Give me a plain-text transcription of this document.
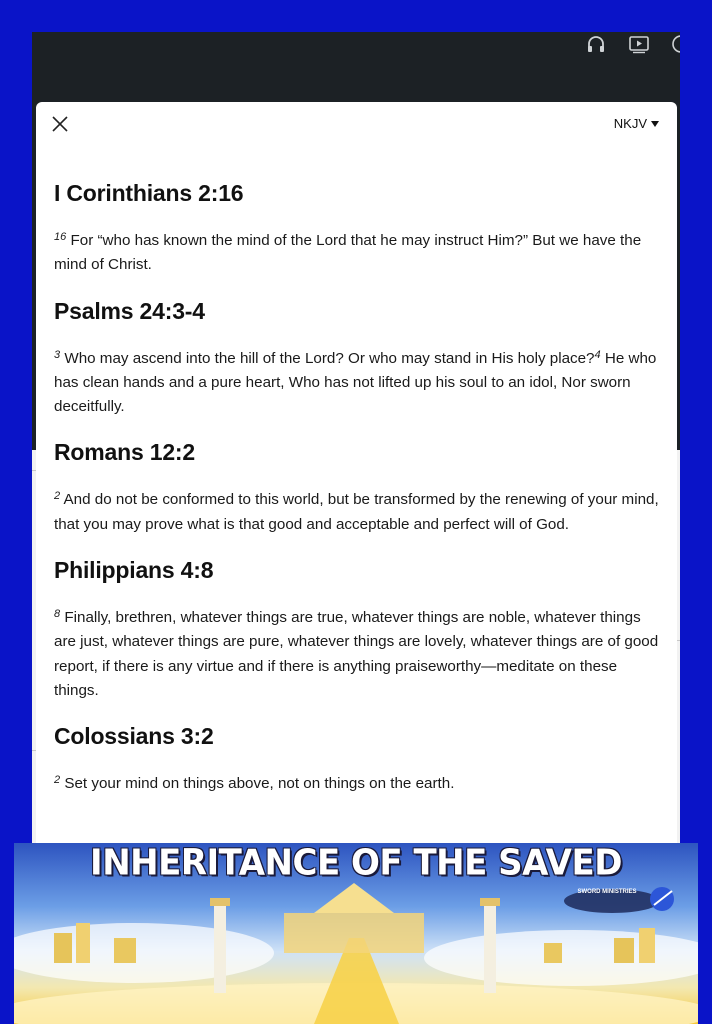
NKJV
I Corinthians 2:16

$^{16}$ For “who has known the mind of the Lord that he may instruct Him?” But we have the mind of Christ.

Psalms 24:3-4

$^3$ Who may ascend into the hill of the Lord? Or who may stand in His holy place?$^4$ He who has clean hands and a pure heart, Who has not lifted up his soul to an idol, Nor sworn deceitfully.

Romans 12:2

$^2$ And do not be conformed to this world, but be transformed by the renewing of your mind, that you may prove what is that good and acceptable and perfect will of God.

Philippians 4:8

$^8$ Finally, brethren, whatever things are true, whatever things are noble, whatever things are just, whatever things are pure, whatever things are lovely, whatever things are of good report, if there is any virtue and if there is anything praiseworthy—meditate on these things.

Colossians 3:2

$^2$ Set your mind on things above, not on things on the earth.

INHERITANCE OF THE SAVED
SWORD MINISTRIES
